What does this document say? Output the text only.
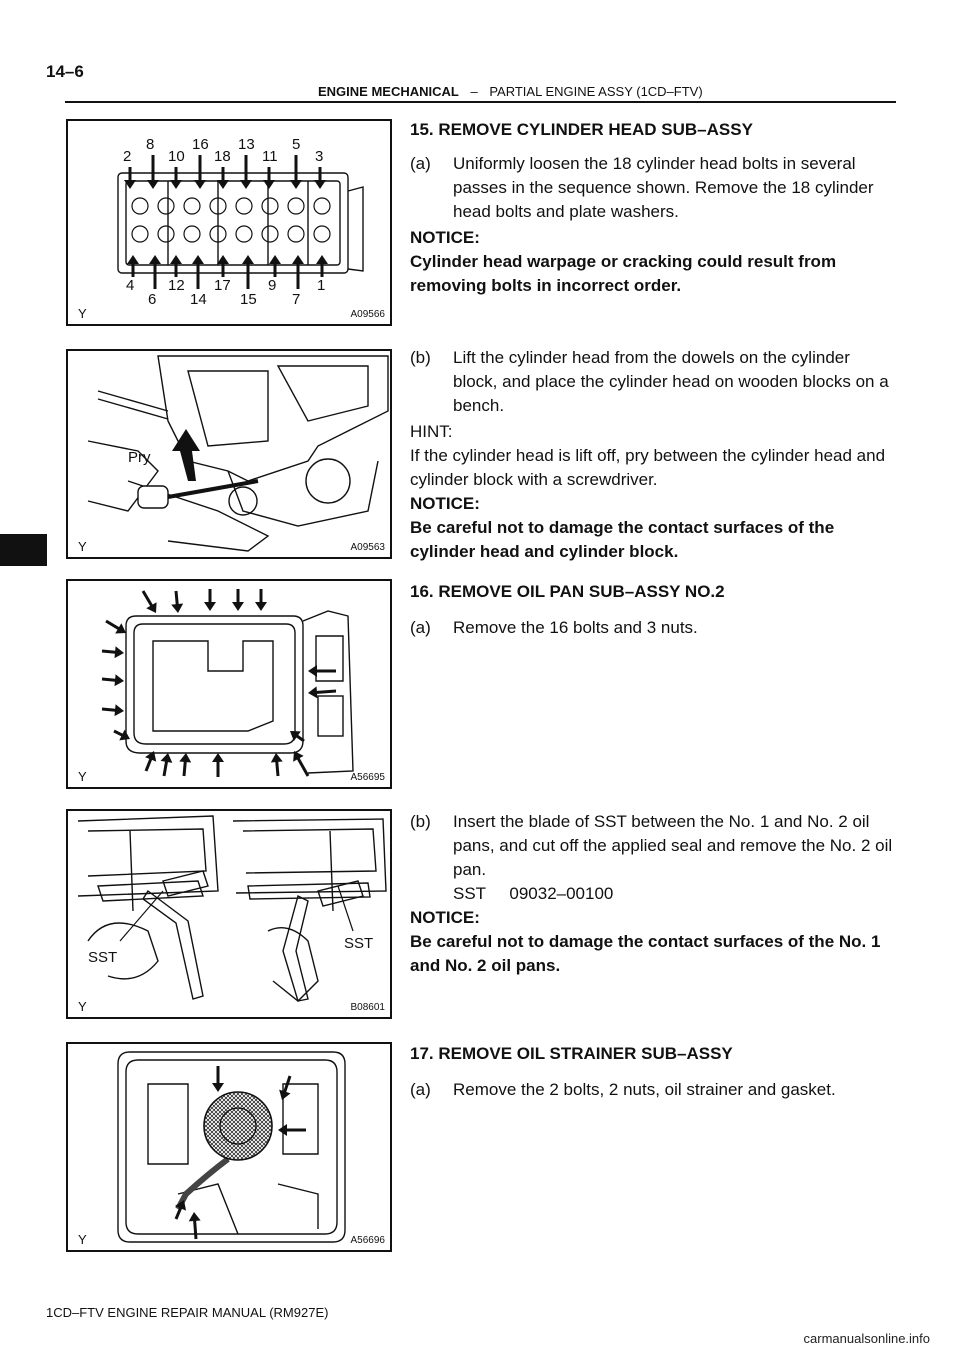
14–6
ENGINE MECHANICAL – PARTIAL ENGINE ASSY (1CD–FTV)
2
8
10
16
18
13
11
5
3
4
6
12
14
17
15
9
7
1
Y	A09566
Pry
Y	A09563
Y	A56695
SST
SST
Y	B08601
Y	A56696
15. REMOVE CYLINDER HEAD SUB–ASSY
(a) Uniformly loosen the 18 cylinder head bolts in several passes in the sequence shown. Remove the 18 cylinder head bolts and plate washers.
NOTICE:
Cylinder head warpage or cracking could result from removing bolts in incorrect order.
(b) Lift the cylinder head from the dowels on the cylinder block, and place the cylinder head on wooden blocks on a bench.
HINT:
If the cylinder head is lift off, pry between the cylinder head and cylinder block with a screwdriver.
NOTICE:
Be careful not to damage the contact surfaces of the cylinder head and cylinder block.
16. REMOVE OIL PAN SUB–ASSY NO.2
(a) Remove the 16 bolts and 3 nuts.
(b) Insert the blade of SST between the No. 1 and No. 2 oil pans, and cut off the applied seal and remove the No. 2 oil pan.
SST     09032–00100
NOTICE:
Be careful not to damage the contact surfaces of the No. 1 and No. 2 oil pans.
17. REMOVE OIL STRAINER SUB–ASSY
(a) Remove the 2 bolts, 2 nuts, oil strainer and gasket.
1CD–FTV ENGINE REPAIR MANUAL (RM927E)
carmanualsonline.info
